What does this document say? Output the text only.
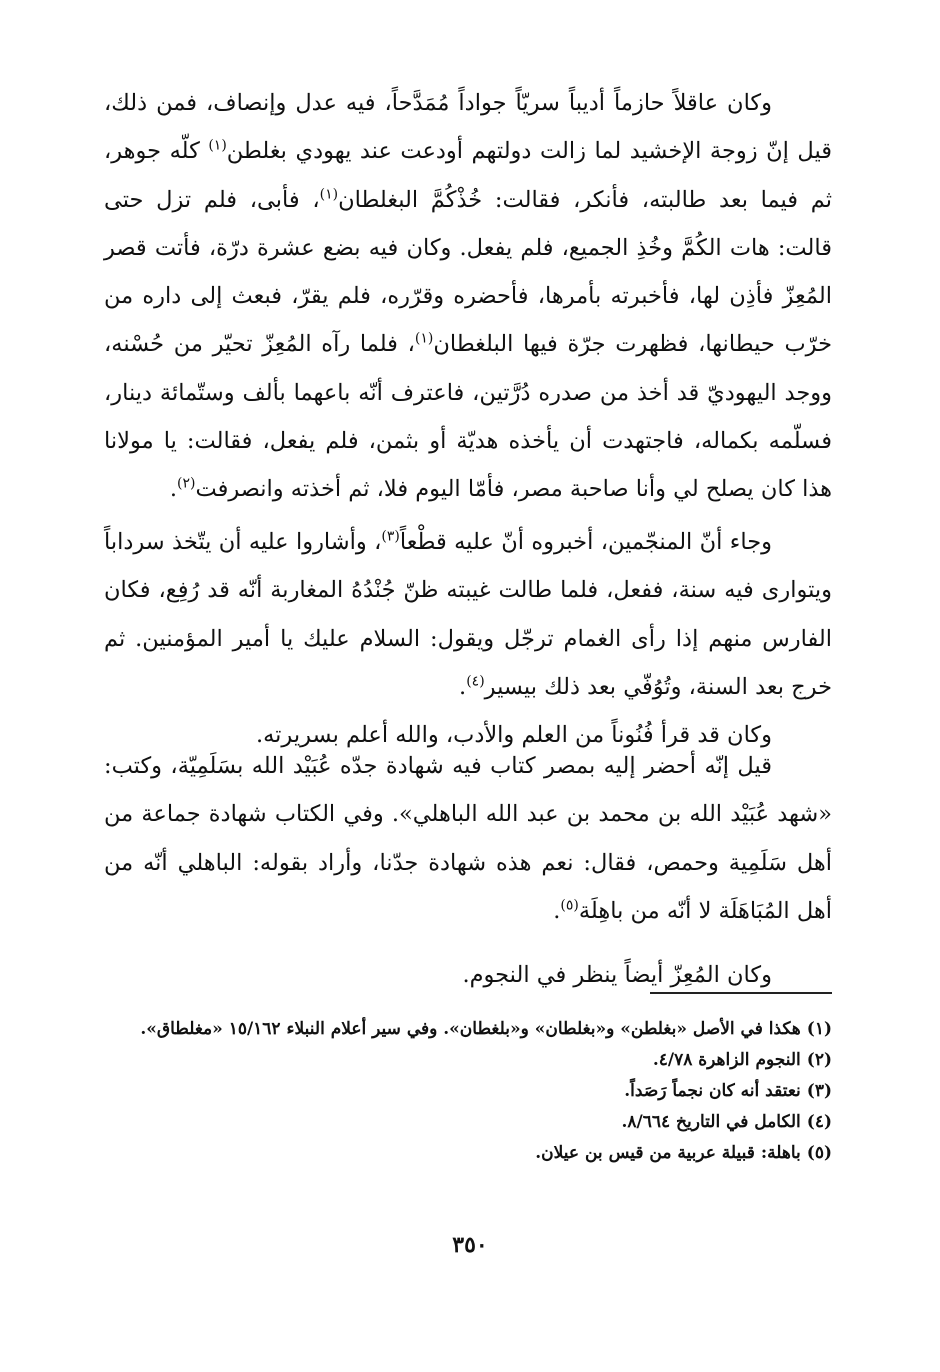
وكان عاقلاً حازماً أديباً سريّاً جواداً مُمَدَّحاً، فيه عدل وإنصاف، فمن ذلك، قيل إنّ زوجة الإخشيد لما زالت دولتهم أودعت عند يهودي بغلطن$^{(١)}$ كلّه جوهر، ثم فيما بعد طالبته، فأنكر، فقالت: خُذْكُمَّ البغلطان$^{(١)}$، فأبى، فلم تزل حتى قالت: هات الكُمَّ وخُذِ الجميع، فلم يفعل. وكان فيه بضع عشرة درّة، فأتت قصر المُعِزّ فأذِن لها، فأخبرته بأمرها، فأحضره وقرّره، فلم يقرّ، فبعث إلى داره من خرّب حيطانها، فظهرت جرّة فيها البلغطان$^{(١)}$، فلما رآه المُعِزّ تحيّر من حُسْنه، ووجد اليهوديّ قد أخذ من صدره دُرَّتين، فاعترف أنّه باعهما بألف وستّمائة دينار، فسلّمه بكماله، فاجتهدت أن يأخذه هديّة أو بثمن، فلم يفعل، فقالت: يا مولانا هذا كان يصلح لي وأنا صاحبة مصر، فأمّا اليوم فلا، ثم أخذته وانصرفت$^{(٢)}$.

وجاء أنّ المنجّمين، أخبروه أنّ عليه قطْعاً$^{(٣)}$، وأشاروا عليه أن يتّخذ سرداباً ويتوارى فيه سنة، ففعل، فلما طالت غيبته ظنّ جُنْدُهُ المغاربة أنّه قد رُفِع، فكان الفارس منهم إذا رأى الغمام ترجّل ويقول: السلام عليك يا أمير المؤمنين. ثم خرج بعد السنة، وتُوُفّي بعد ذلك بيسير$^{(٤)}$.

وكان قد قرأ فُنُوناً من العلم والأدب، والله أعلم بسريرته.

قيل إنّه أحضر إليه بمصر كتاب فيه شهادة جدّه عُبَيْد الله بسَلَمِيّة، وكتب: «شهد عُبَيْد الله بن محمد بن عبد الله الباهلي». وفي الكتاب شهادة جماعة من أهل سَلَمِية وحمص، فقال: نعم هذه شهادة جدّنا، وأراد بقوله: الباهلي أنّه من أهل المُبَاهَلَة لا أنّه من باهِلَة$^{(٥)}$.

وكان المُعِزّ أيضاً ينظر في النجوم.

(١)هكذا في الأصل «بغلطن» و«بغلطان» و«بلغطان». وفي سير أعلام النبلاء ١٥/١٦٢ «مغلطاق».

(٢)النجوم الزاهرة ٤/٧٨.

(٣)نعتقد أنه كان نجماً رَصَداً.

(٤)الكامل في التاريخ ٨/٦٦٤.

(٥)باهلة: قبيلة عربية من قيس بن عيلان.

٣٥٠
